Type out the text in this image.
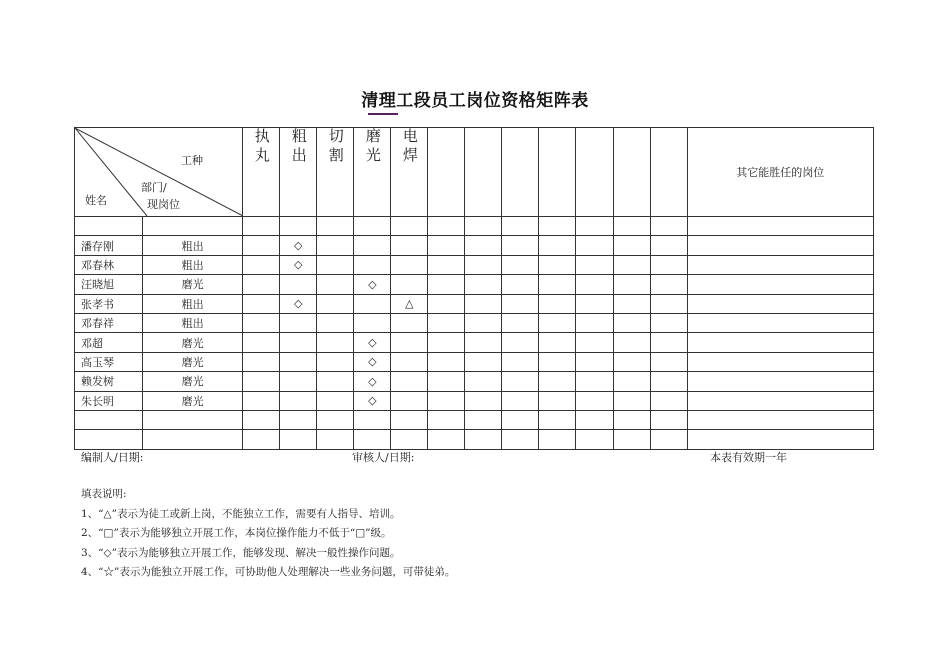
清理工段员工岗位资格矩阵表
工种
部门/
现岗位
姓名		执丸	粗出	切割	磨光	电焊								其它能胜任的岗位

潘存刚	粗出		◇											
邓春林	粗出		◇											
汪晓旭	磨光				◇									
张孝书	粗出		◇			△								
邓春祥	粗出													
邓超	磨光				◇									
高玉琴	磨光				◇									
赖发树	磨光				◇									
朱长明	磨光				◇									

编制人/日期:	审核人/日期:	本表有效期一年
填表说明:
1、“△”表示为徒工或新上岗，不能独立工作，需要有人指导、培训。
2、“□”表示为能够独立开展工作，本岗位操作能力不低于“□”级。
3、“◇”表示为能够独立开展工作，能够发现、解决一般性操作问题。
4、“☆”表示为能独立开展工作，可协助他人处理解决一些业务问题，可带徒弟。
